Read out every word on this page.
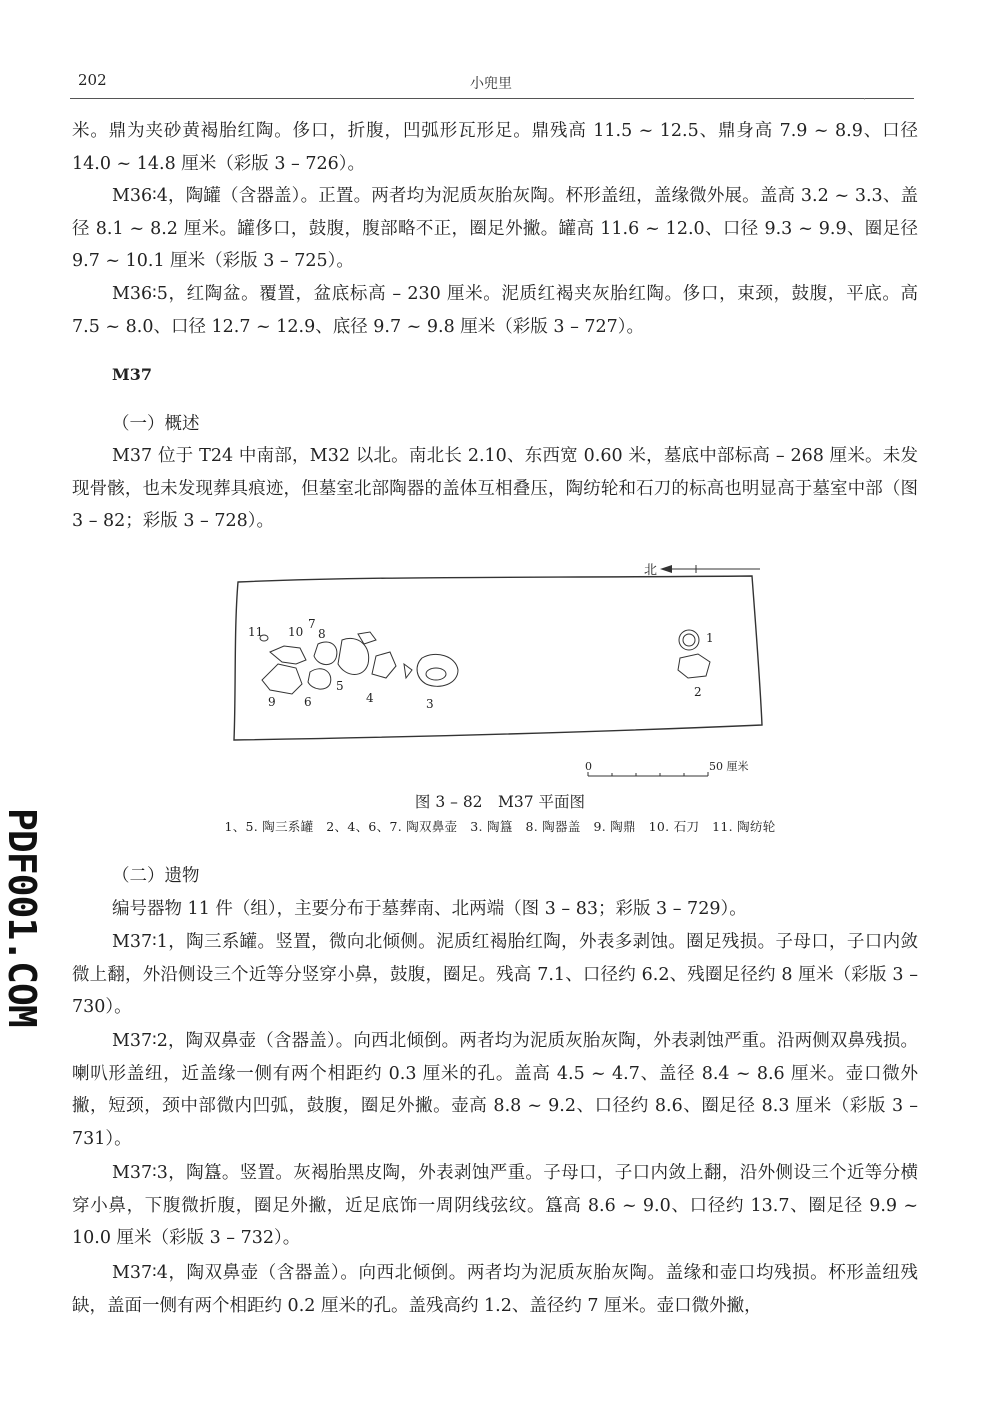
202	小兜里
˙

米。鼎为夹砂黄褐胎红陶。侈口，折腹，凹弧形瓦形足。鼎残高 11.5 ~ 12.5、鼎身高 7.9 ~ 8.9、口径 14.0 ~ 14.8 厘米（彩版 3 – 726）。

M36∶4，陶罐（含器盖）。正置。两者均为泥质灰胎灰陶。杯形盖纽，盖缘微外展。盖高 3.2 ~ 3.3、盖径 8.1 ~ 8.2 厘米。罐侈口，鼓腹，腹部略不正，圈足外撇。罐高 11.6 ~ 12.0、口径 9.3 ~ 9.9、圈足径 9.7 ~ 10.1 厘米（彩版 3 – 725）。

M36∶5，红陶盆。覆置，盆底标高 – 230 厘米。泥质红褐夹灰胎红陶。侈口，束颈，鼓腹，平底。高 7.5 ~ 8.0、口径 12.7 ~ 12.9、底径 9.7 ~ 9.8 厘米（彩版 3 – 727）。

M37
（一）概述

M37 位于 T24 中南部，M32 以北。南北长 2.10、东西宽 0.60 米，墓底中部标高 – 268 厘米。未发现骨骸，也未发现葬具痕迹，但墓室北部陶器的盖体互相叠压，陶纺轮和石刀的标高也明显高于墓室中部（图 3 – 82；彩版 3 – 728）。

北
1
2
3
4
5
6
7
8
9
10
11
0	50 厘米
图 3 – 82　M37 平面图
1、5. 陶三系罐　2、4、6、7. 陶双鼻壶　3. 陶簋　8. 陶器盖　9. 陶鼎　10. 石刀　11. 陶纺轮
（二）遗物

编号器物 11 件（组），主要分布于墓葬南、北两端（图 3 – 83；彩版 3 – 729）。

M37∶1，陶三系罐。竖置，微向北倾侧。泥质红褐胎红陶，外表多剥蚀。圈足残损。子母口，子口内敛微上翻，外沿侧设三个近等分竖穿小鼻，鼓腹，圈足。残高 7.1、口径约 6.2、残圈足径约 8 厘米（彩版 3 – 730）。

M37∶2，陶双鼻壶（含器盖）。向西北倾倒。两者均为泥质灰胎灰陶，外表剥蚀严重。沿两侧双鼻残损。喇叭形盖纽，近盖缘一侧有两个相距约 0.3 厘米的孔。盖高 4.5 ~ 4.7、盖径 8.4 ~ 8.6 厘米。壶口微外撇，短颈，颈中部微内凹弧，鼓腹，圈足外撇。壶高 8.8 ~ 9.2、口径约 8.6、圈足径 8.3 厘米（彩版 3 – 731）。

M37∶3，陶簋。竖置。灰褐胎黑皮陶，外表剥蚀严重。子母口，子口内敛上翻，沿外侧设三个近等分横穿小鼻，下腹微折腹，圈足外撇，近足底饰一周阴线弦纹。簋高 8.6 ~ 9.0、口径约 13.7、圈足径 9.9 ~ 10.0 厘米（彩版 3 – 732）。

M37∶4，陶双鼻壶（含器盖）。向西北倾倒。两者均为泥质灰胎灰陶。盖缘和壶口均残损。杯形盖纽残缺，盖面一侧有两个相距约 0.2 厘米的孔。盖残高约 1.2、盖径约 7 厘米。壶口微外撇，

PDF001.COM
